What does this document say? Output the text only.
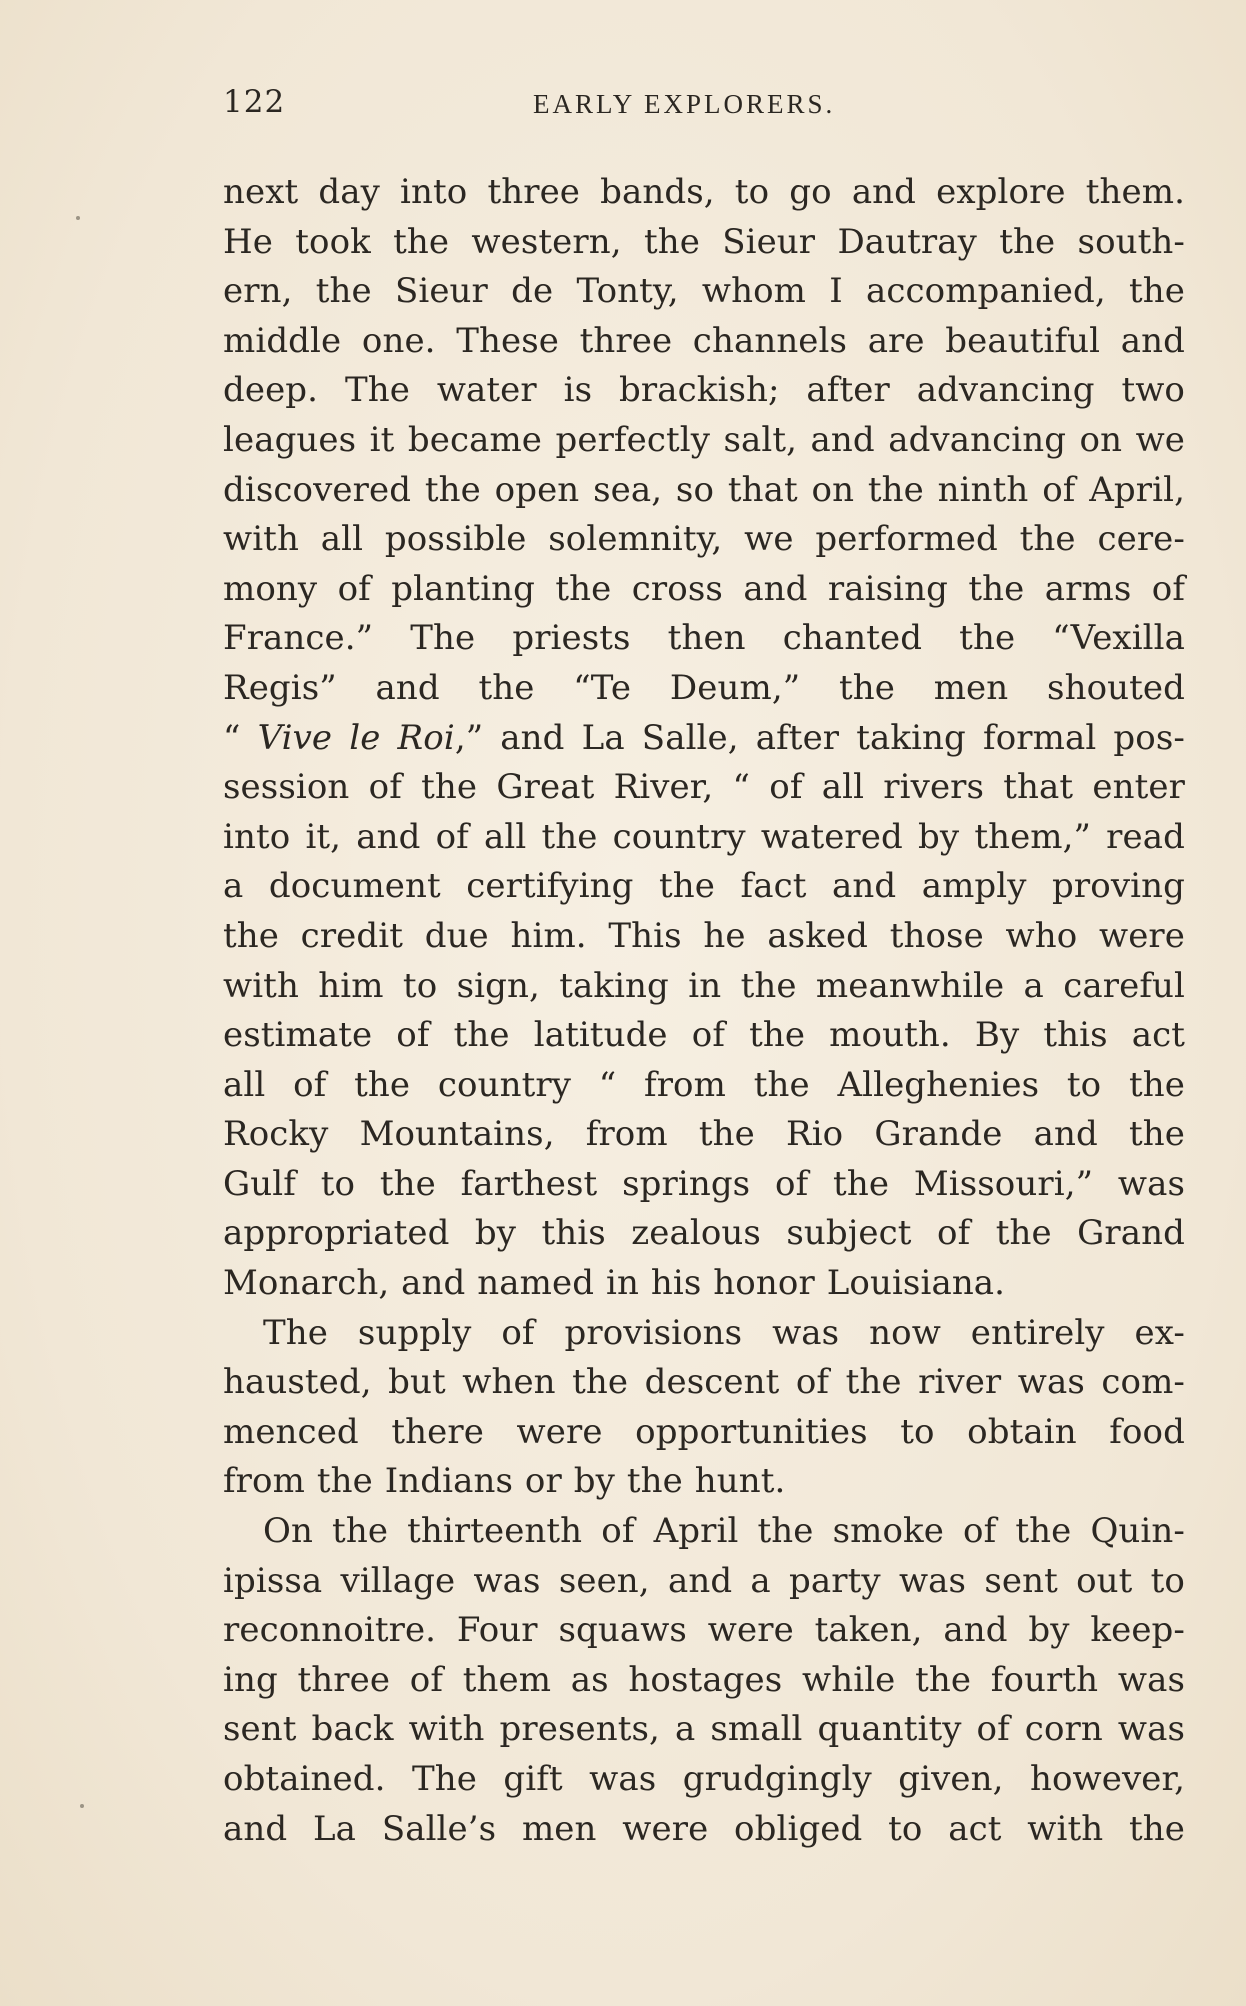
122	EARLY EXPLORERS.
next day into three bands, to go and explore them.
He took the western, the Sieur Dautray the south-
ern, the Sieur de Tonty, whom I accompanied, the
middle one. These three channels are beautiful and
deep. The water is brackish; after advancing two
leagues it became perfectly salt, and advancing on we
discovered the open sea, so that on the ninth of April,
with all possible solemnity, we performed the cere-
mony of planting the cross and raising the arms of
France.” The priests then chanted the “Vexilla
Regis” and the “Te Deum,” the men shouted
“ Vive le Roi,” and La Salle, after taking formal pos-
session of the Great River, “ of all rivers that enter
into it, and of all the country watered by them,” read
a document certifying the fact and amply proving
the credit due him. This he asked those who were
with him to sign, taking in the meanwhile a careful
estimate of the latitude of the mouth. By this act
all of the country “ from the Alleghenies to the
Rocky Mountains, from the Rio Grande and the
Gulf to the farthest springs of the Missouri,” was
appropriated by this zealous subject of the Grand
Monarch, and named in his honor Louisiana.
The supply of provisions was now entirely ex-
hausted, but when the descent of the river was com-
menced there were opportunities to obtain food
from the Indians or by the hunt.
On the thirteenth of April the smoke of the Quin-
ipissa village was seen, and a party was sent out to
reconnoitre. Four squaws were taken, and by keep-
ing three of them as hostages while the fourth was
sent back with presents, a small quantity of corn was
obtained. The gift was grudgingly given, however,
and La Salle’s men were obliged to act with the
